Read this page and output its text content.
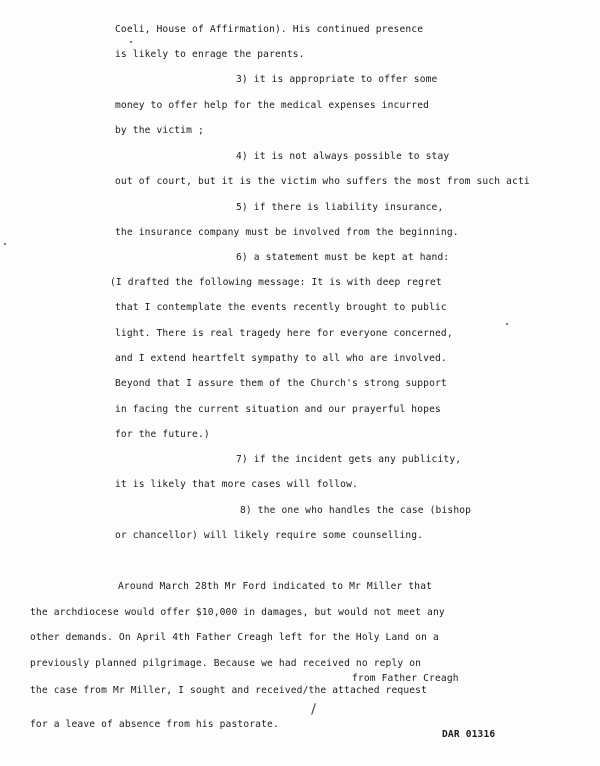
Coeli, House of Affirmation). His continued presence
is likely to enrage the parents.
3) it is appropriate to offer some
money to offer help for the medical expenses incurred
by the victim ;
4) it is not always possible to stay
out of court, but it is the victim who suffers the most from such acti
5) if there is liability insurance,
the insurance company must be involved from the beginning.
6) a statement must be kept at hand:
(I drafted the following message: It is with deep regret
that I contemplate the events recently brought to public
light. There is real tragedy here for everyone concerned,
and I extend heartfelt sympathy to all who are involved.
Beyond that I assure them of the Church's strong support
in facing the current situation and our prayerful hopes
for the future.)
7) if the incident gets any publicity,
it is likely that more cases will follow.
8) the one who handles the case (bishop
or chancellor) will likely require some counselling.
Around March 28th Mr Ford indicated to Mr Miller that
the archdiocese would offer $10,000 in damages, but would not meet any
other demands. On April 4th Father Creagh left for the Holy Land on a
previously planned pilgrimage. Because we had received no reply on
from Father Creagh
the case from Mr Miller, I sought and received/the attached request
for a leave of absence from his pastorate.
DAR 01316
